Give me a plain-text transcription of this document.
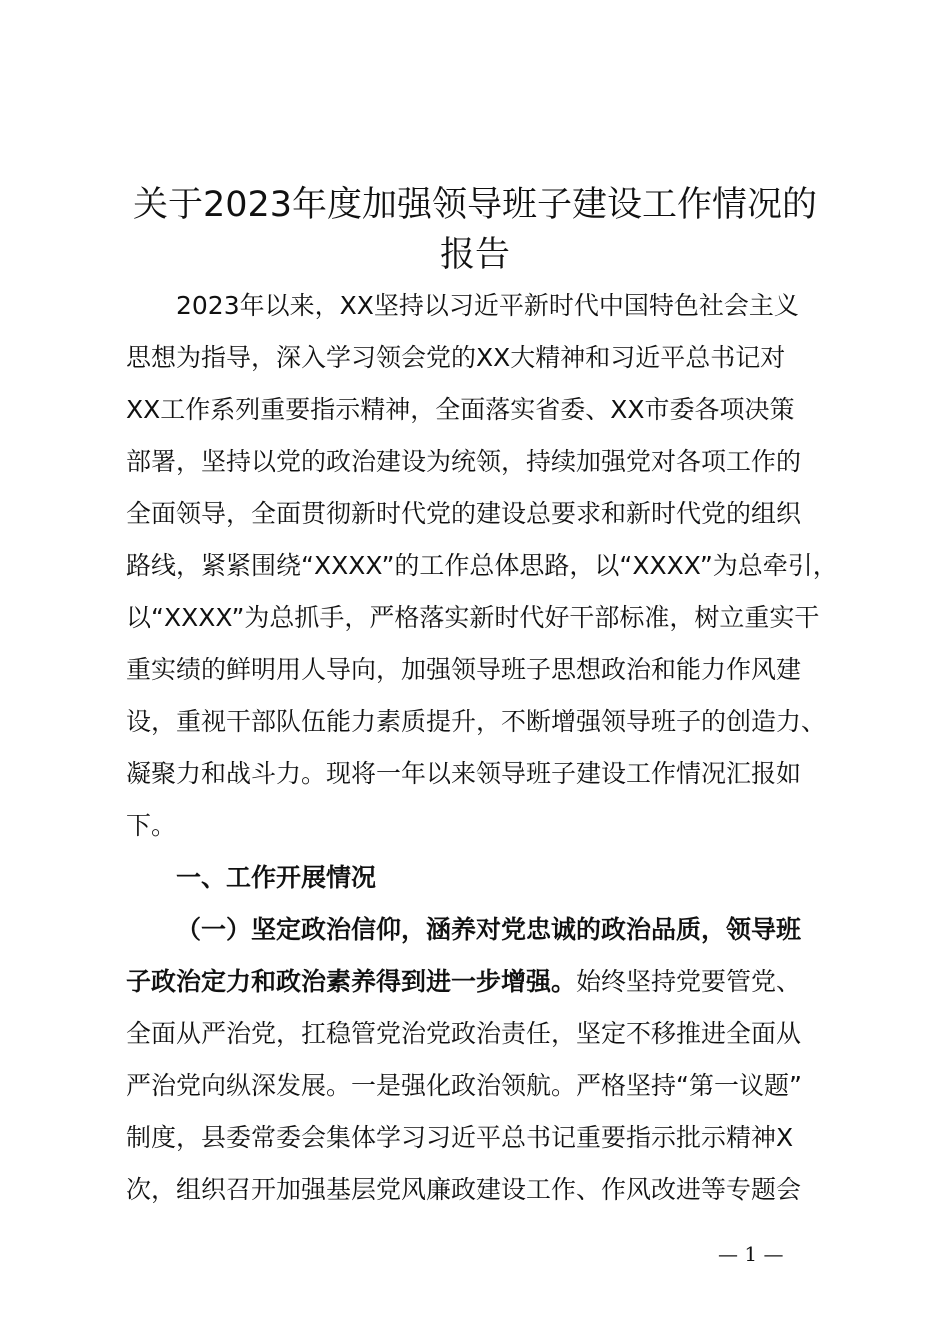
关于2023年度加强领导班子建设工作情况的
报告
2023年以来，XX坚持以习近平新时代中国特色社会主义
思想为指导，深入学习领会党的XX大精神和习近平总书记对
XX工作系列重要指示精神，全面落实省委、XX市委各项决策
部署，坚持以党的政治建设为统领，持续加强党对各项工作的
全面领导，全面贯彻新时代党的建设总要求和新时代党的组织
路线，紧紧围绕“XXXX”的工作总体思路，以“XXXX”为总牵引，
以“XXXX”为总抓手，严格落实新时代好干部标准，树立重实干
重实绩的鲜明用人导向，加强领导班子思想政治和能力作风建
设，重视干部队伍能力素质提升，不断增强领导班子的创造力、
凝聚力和战斗力。现将一年以来领导班子建设工作情况汇报如
下。
一、工作开展情况
（一）坚定政治信仰，涵养对党忠诚的政治品质，领导班
子政治定力和政治素养得到进一步增强。始终坚持党要管党、
全面从严治党，扛稳管党治党政治责任，坚定不移推进全面从
严治党向纵深发展。一是强化政治领航。严格坚持“第一议题”
制度，县委常委会集体学习习近平总书记重要指示批示精神X
次，组织召开加强基层党风廉政建设工作、作风改进等专题会
— 1 —
